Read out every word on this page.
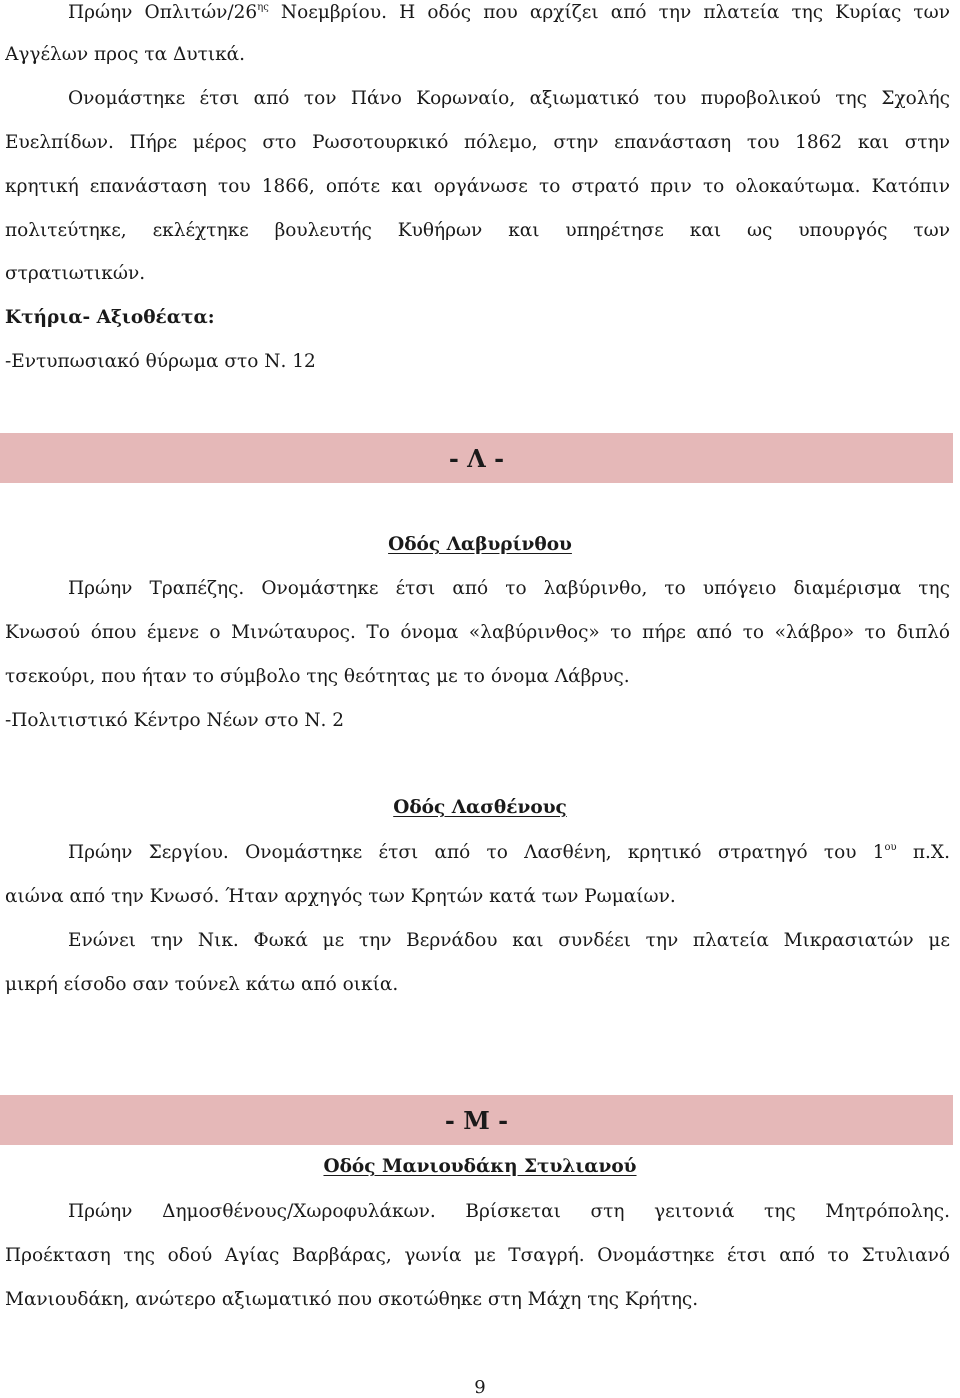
Πρώην Οπλιτών/$26^{\eta\varsigma}$ Νοεμβρίου. Η οδός που αρχίζει από την πλατεία της Κυρίας των
Αγγέλων προς τα Δυτικά.
Ονομάστηκε έτσι από τον Πάνο Κορωναίο, αξιωματικό του πυροβολικού της Σχολής
Ευελπίδων. Πήρε μέρος στο Ρωσοτουρκικό πόλεμο, στην επανάσταση του 1862 και στην
κρητική επανάσταση του 1866, οπότε και οργάνωσε το στρατό πριν το ολοκαύτωμα. Κατόπιν
πολιτεύτηκε, εκλέχτηκε βουλευτής Κυθήρων και υπηρέτησε και ως υπουργός των
στρατιωτικών.
Κτήρια- Αξιοθέατα:
-Εντυπωσιακό θύρωμα στο Ν. 12
- Λ -
Οδός Λαβυρίνθου
Πρώην Τραπέζης. Ονομάστηκε έτσι από το λαβύρινθο, το υπόγειο διαμέρισμα της
Κνωσού όπου έμενε ο Μινώταυρος. Το όνομα «λαβύρινθος» το πήρε από το «λάβρο» το διπλό
τσεκούρι, που ήταν το σύμβολο της θεότητας με το όνομα Λάβρυς.
-Πολιτιστικό Κέντρο Νέων στο Ν. 2
Οδός Λασθένους
Πρώην Σεργίου. Ονομάστηκε έτσι από το Λασθένη, κρητικό στρατηγό του $1^{o\upsilon}$ π.Χ.
αιώνα από την Κνωσό. Ήταν αρχηγός των Κρητών κατά των Ρωμαίων.
Ενώνει την Νικ. Φωκά με την Βερνάδου και συνδέει την πλατεία Μικρασιατών με
μικρή είσοδο σαν τούνελ κάτω από οικία.
- Μ -
Οδός Μανιουδάκη Στυλιανού
Πρώην Δημοσθένους/Χωροφυλάκων. Βρίσκεται στη γειτονιά της Μητρόπολης.
Προέκταση της οδού Αγίας Βαρβάρας, γωνία με Τσαγρή. Ονομάστηκε έτσι από το Στυλιανό
Μανιουδάκη, ανώτερο αξιωματικό που σκοτώθηκε στη Μάχη της Κρήτης.
9
